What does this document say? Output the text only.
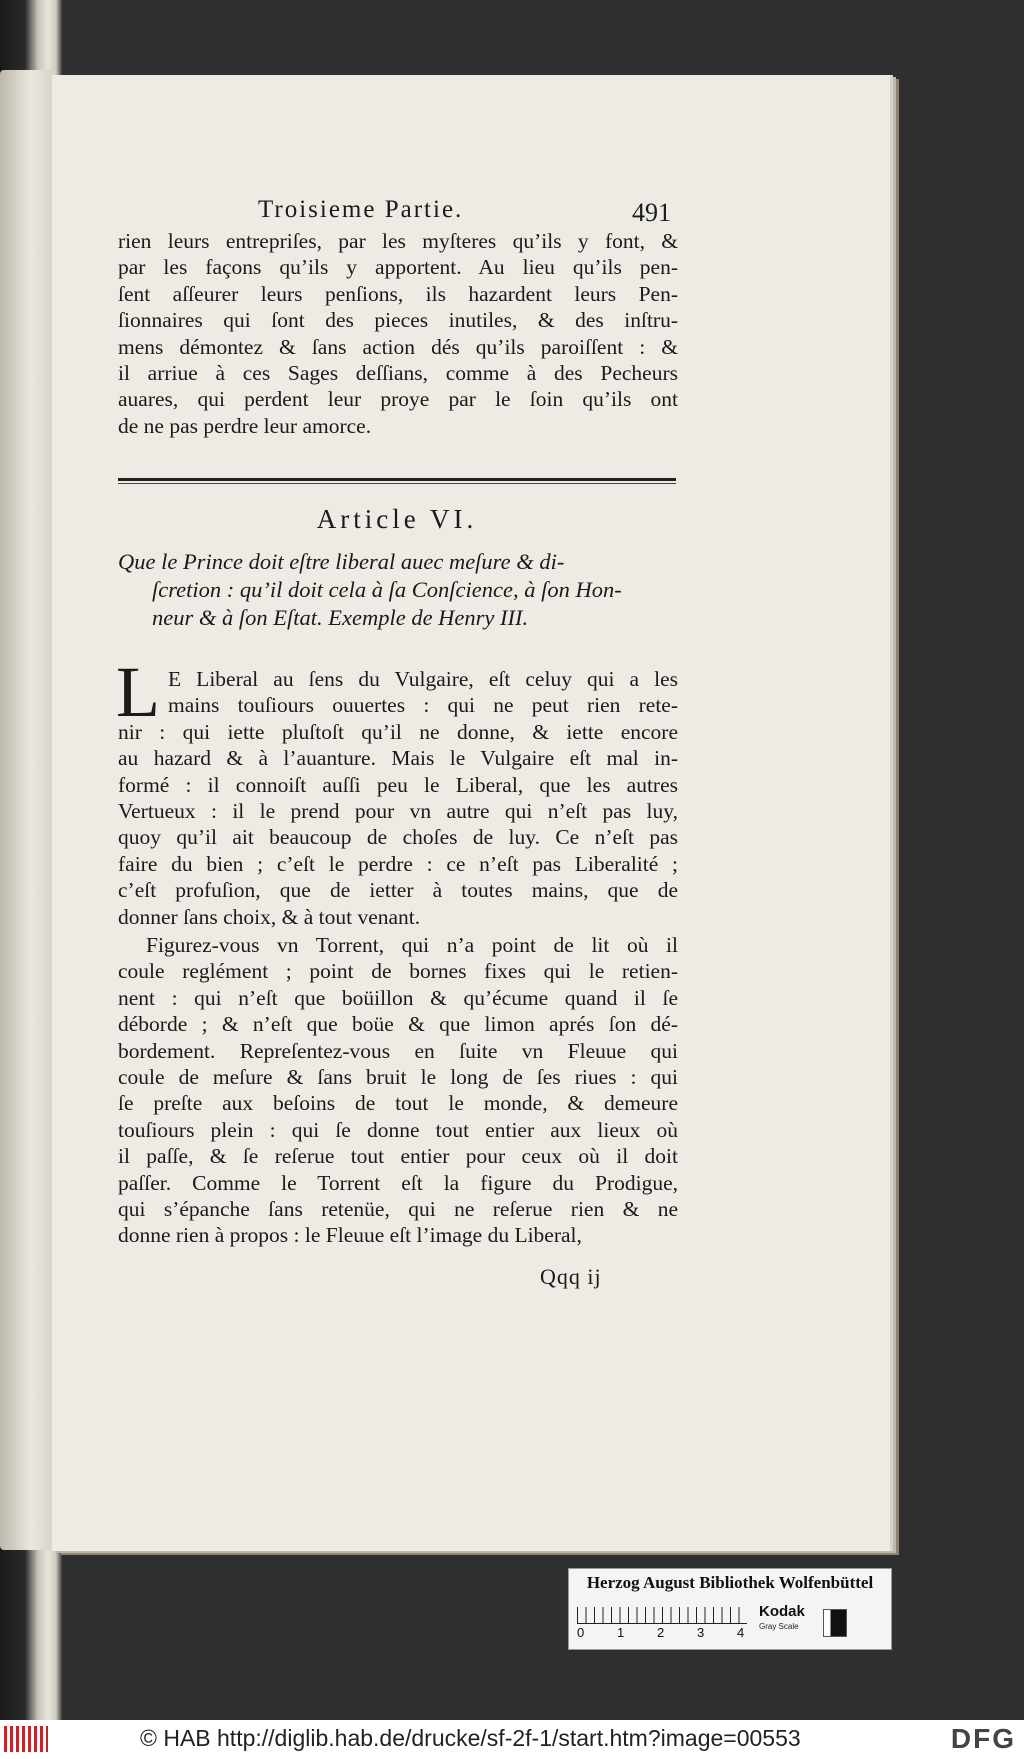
Troisieme Partie.	491
rien leurs entrepriſes, par les myſteres qu’ils y font, &
par les façons qu’ils y apportent. Au lieu qu’ils pen-
ſent aſſeurer leurs penſions, ils hazardent leurs Pen-
ſionnaires qui ſont des pieces inutiles, & des inſtru-
mens démontez & ſans action dés qu’ils paroiſſent : &
il arriue à ces Sages deſſians, comme à des Pecheurs
auares, qui perdent leur proye par le ſoin qu’ils ont
de ne pas perdre leur amorce.
Article VI.
Que le Prince doit eſtre liberal auec meſure & di-
ſcretion : qu’il doit cela à ſa Conſcience, à ſon Hon-
neur & à ſon Eſtat. Exemple de Henry III.
L E Liberal au ſens du Vulgaire, eſt celuy qui a les
mains touſiours ouuertes : qui ne peut rien rete-
nir : qui iette pluſtoſt qu’il ne donne, & iette encore
au hazard & à l’auanture. Mais le Vulgaire eſt mal in-
formé : il connoiſt auſſi peu le Liberal, que les autres
Vertueux : il le prend pour vn autre qui n’eſt pas luy,
quoy qu’il ait beaucoup de choſes de luy. Ce n’eſt pas
faire du bien ; c’eſt le perdre : ce n’eſt pas Liberalité ;
c’eſt profuſion, que de ietter à toutes mains, que de
donner ſans choix, & à tout venant.
Figurez-vous vn Torrent, qui n’a point de lit où il
coule reglément ; point de bornes fixes qui le retien-
nent : qui n’eſt que boüillon & qu’écume quand il ſe
déborde ; & n’eſt que boüe & que limon aprés ſon dé-
bordement. Repreſentez-vous en ſuite vn Fleuue qui
coule de meſure & ſans bruit le long de ſes riues : qui
ſe preſte aux beſoins de tout le monde, & demeure
touſiours plein : qui ſe donne tout entier aux lieux où
il paſſe, & ſe reſerue tout entier pour ceux où il doit
paſſer. Comme le Torrent eſt la figure du Prodigue,
qui s’épanche ſans retenüe, qui ne reſerue rien & ne
donne rien à propos : le Fleuue eſt l’image du Liberal,
Qqq ij
Herzog August Bibliothek Wolfenbüttel
0	1	2	3	4
Kodak
Gray Scale
© HAB http://diglib.hab.de/drucke/sf-2f-1/start.htm?image=00553	DFG
